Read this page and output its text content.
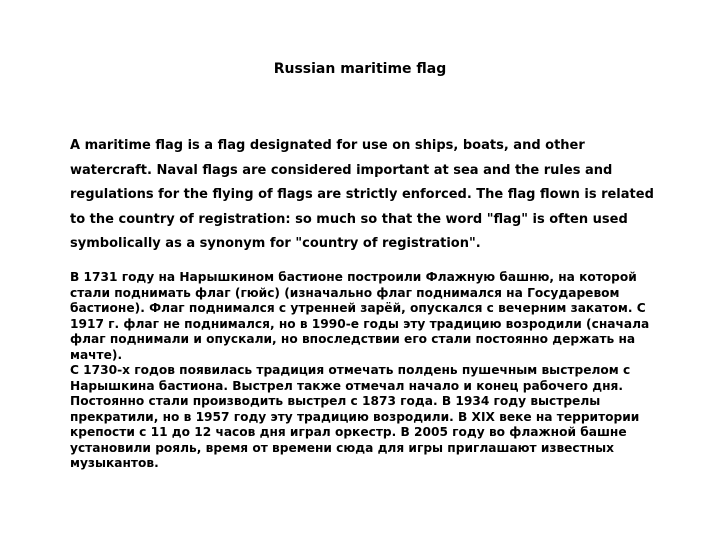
Russian maritime flag

A maritime flag is a flag designated for use on ships, boats, and other watercraft. Naval flags are considered important at sea and the rules and regulations for the flying of flags are strictly enforced. The flag flown is related to the country of registration: so much so that the word "flag" is often used symbolically as a synonym for "country of registration".

В 1731 году на Нарышкином бастионе построили Флажную башню, на которой стали поднимать флаг (гюйс) (изначально флаг поднимался на Государевом бастионе). Флаг поднимался с утренней зарёй, опускался с вечерним закатом. С 1917 г. флаг не поднимался, но в 1990-е годы эту традицию возродили (сначала флаг поднимали и опускали, но впоследствии его стали постоянно держать на мачте).

С 1730-х годов появилась традиция отмечать полдень пушечным выстрелом с Нарышкина бастиона. Выстрел также отмечал начало и конец рабочего дня. Постоянно стали производить выстрел с 1873 года. В 1934 году выстрелы прекратили, но в 1957 году эту традицию возродили. В XIX веке на территории крепости с 11 до 12 часов дня играл оркестр. В 2005 году во флажной башне установили рояль, время от времени сюда для игры приглашают известных музыкантов.
